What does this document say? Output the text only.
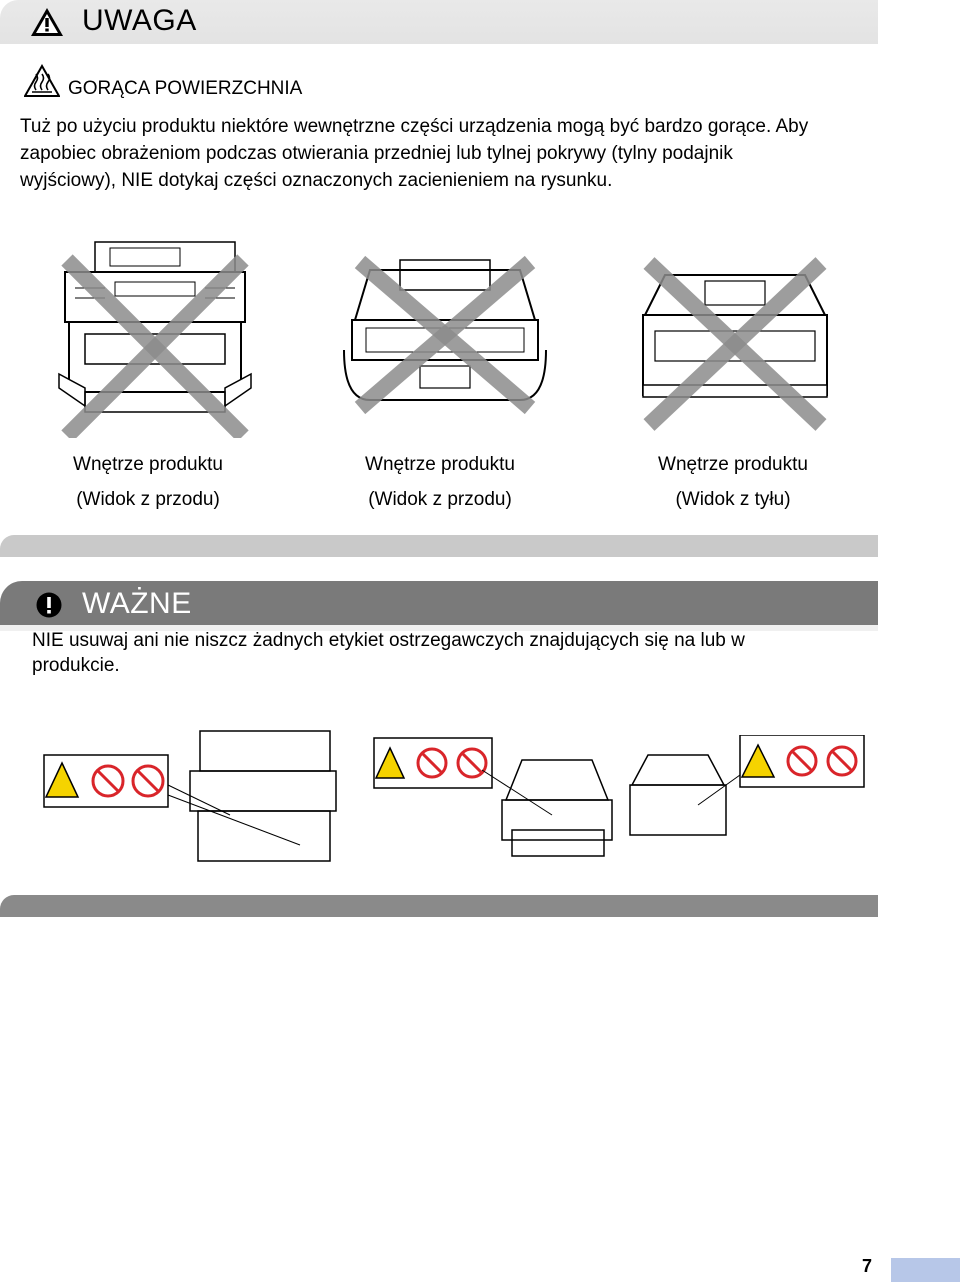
UWAGA
GORĄCA POWIERZCHNIA
Tuż po użyciu produktu niektóre wewnętrzne części urządzenia mogą być bardzo gorące. Aby
zapobiec obrażeniom podczas otwierania przedniej lub tylnej pokrywy (tylny podajnik
wyjściowy), NIE dotykaj części oznaczonych zacienieniem na rysunku.
Wnętrze produktu
(Widok z przodu)
Wnętrze produktu
(Widok z przodu)
Wnętrze produktu
(Widok z tyłu)
WAŻNE
NIE usuwaj ani nie niszcz żadnych etykiet ostrzegawczych znajdujących się na lub w
produkcie.
7
